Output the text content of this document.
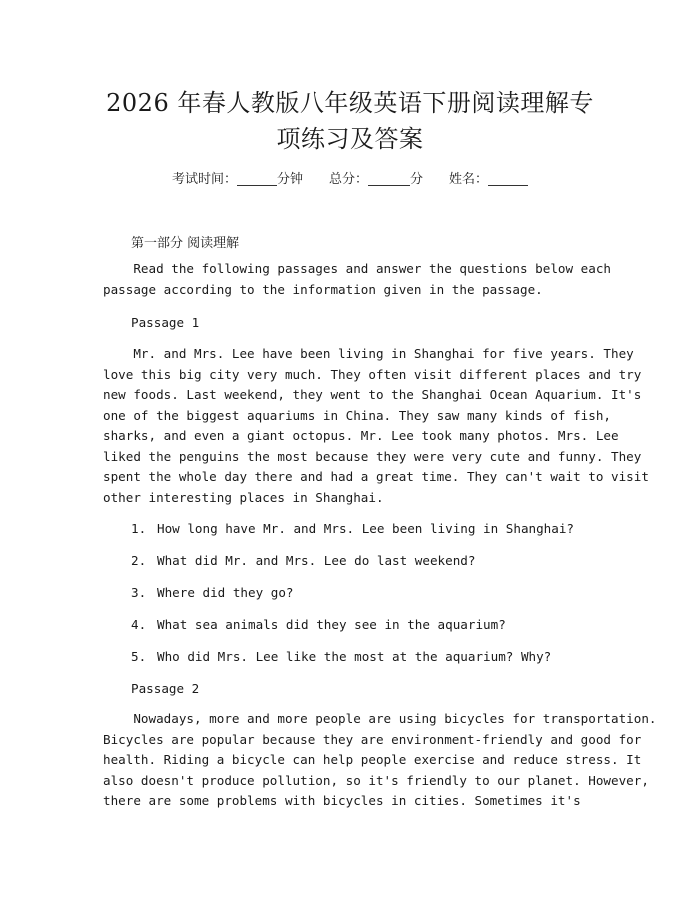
2026 年春人教版八年级英语下册阅读理解专
项练习及答案
考试时间：	分钟 总分：	分 姓名：
第一部分 阅读理解
Read the following passages and answer the questions below each
passage according to the information given in the passage.
Passage 1
Mr. and Mrs. Lee have been living in Shanghai for five years. They
love this big city very much. They often visit different places and try
new foods. Last weekend, they went to the Shanghai Ocean Aquarium. It's
one of the biggest aquariums in China. They saw many kinds of fish,
sharks, and even a giant octopus. Mr. Lee took many photos. Mrs. Lee
liked the penguins the most because they were very cute and funny. They
spent the whole day there and had a great time. They can't wait to visit
other interesting places in Shanghai.
1. How long have Mr. and Mrs. Lee been living in Shanghai?
2. What did Mr. and Mrs. Lee do last weekend?
3. Where did they go?
4. What sea animals did they see in the aquarium?
5. Who did Mrs. Lee like the most at the aquarium? Why?
Passage 2
Nowadays, more and more people are using bicycles for transportation.
Bicycles are popular because they are environment-friendly and good for
health. Riding a bicycle can help people exercise and reduce stress. It
also doesn't produce pollution, so it's friendly to our planet. However,
there are some problems with bicycles in cities. Sometimes it's
